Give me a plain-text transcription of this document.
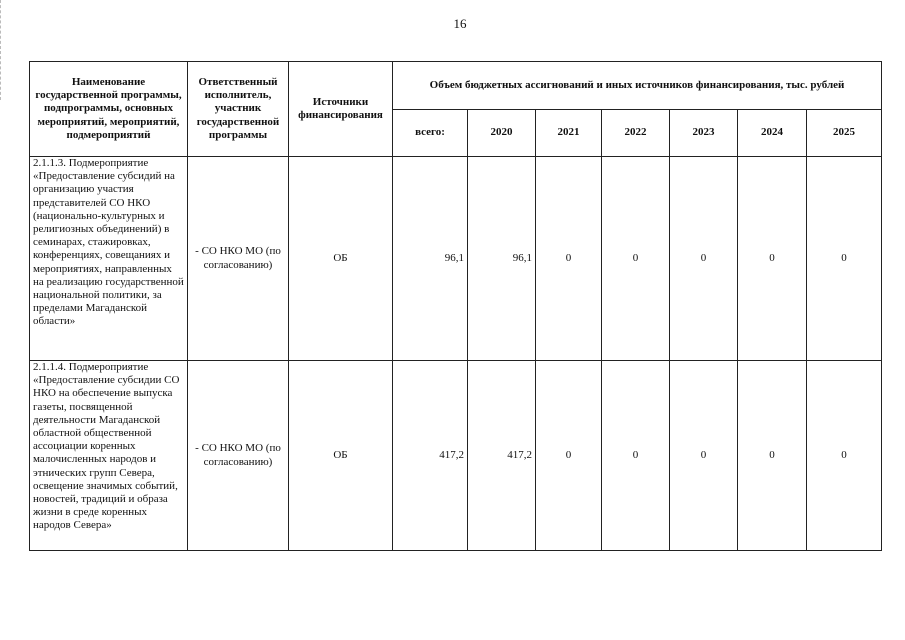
16
Наименование государственной программы, подпрограммы, основных мероприятий, мероприятий, подмероприятий	Ответственный исполнитель, участник государственной программы	Источники финансирования	Объем бюджетных ассигнований и иных источников финансирования, тыс. рублей						
			всего:	2020	2021	2022	2023	2024	2025
2.1.1.3. Подмероприятие «Предоставление субсидий на организацию участия представителей СО НКО (национально-культурных и религиозных объединений) в семинарах, стажировках, конференциях, совещаниях и мероприятиях, направленных на реализацию государственной национальной политики, за пределами Магаданской области»	- СО НКО МО (по согласованию)	ОБ	96,1	96,1	0	0	0	0	0
2.1.1.4. Подмероприятие «Предоставление субсидии СО НКО на обеспечение выпуска газеты, посвященной деятельности Магаданской областной общественной ассоциации коренных малочисленных народов и этнических групп Севера, освещение значимых событий, новостей, традиций и образа жизни в среде коренных народов Севера»	- СО НКО МО (по согласованию)	ОБ	417,2	417,2	0	0	0	0	0
